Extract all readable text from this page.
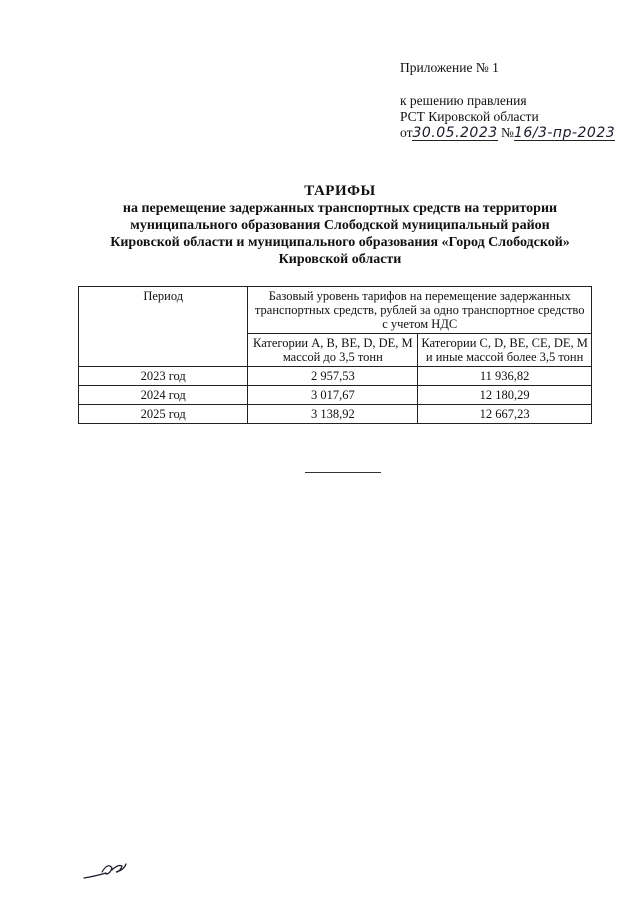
Приложение № 1
к решению правления
РСТ Кировской области
от30.05.2023 №16/3-пр-2023
ТАРИФЫ
на перемещение задержанных транспортных средств на территории
муниципального образования Слободской муниципальный район
Кировской области и муниципального образования «Город Слободской»
Кировской области
Период	Базовый уровень тарифов на перемещение задержанных транспортных средств, рублей за одно транспортное средство с учетом НДС	
	Категории А, В, ВЕ, D, DE, М массой до 3,5 тонн	Категории C, D, BE, CE, DE, М и иные массой более 3,5 тонн
2023 год	2 957,53	11 936,82
2024 год	3 017,67	12 180,29
2025 год	3 138,92	12 667,23
